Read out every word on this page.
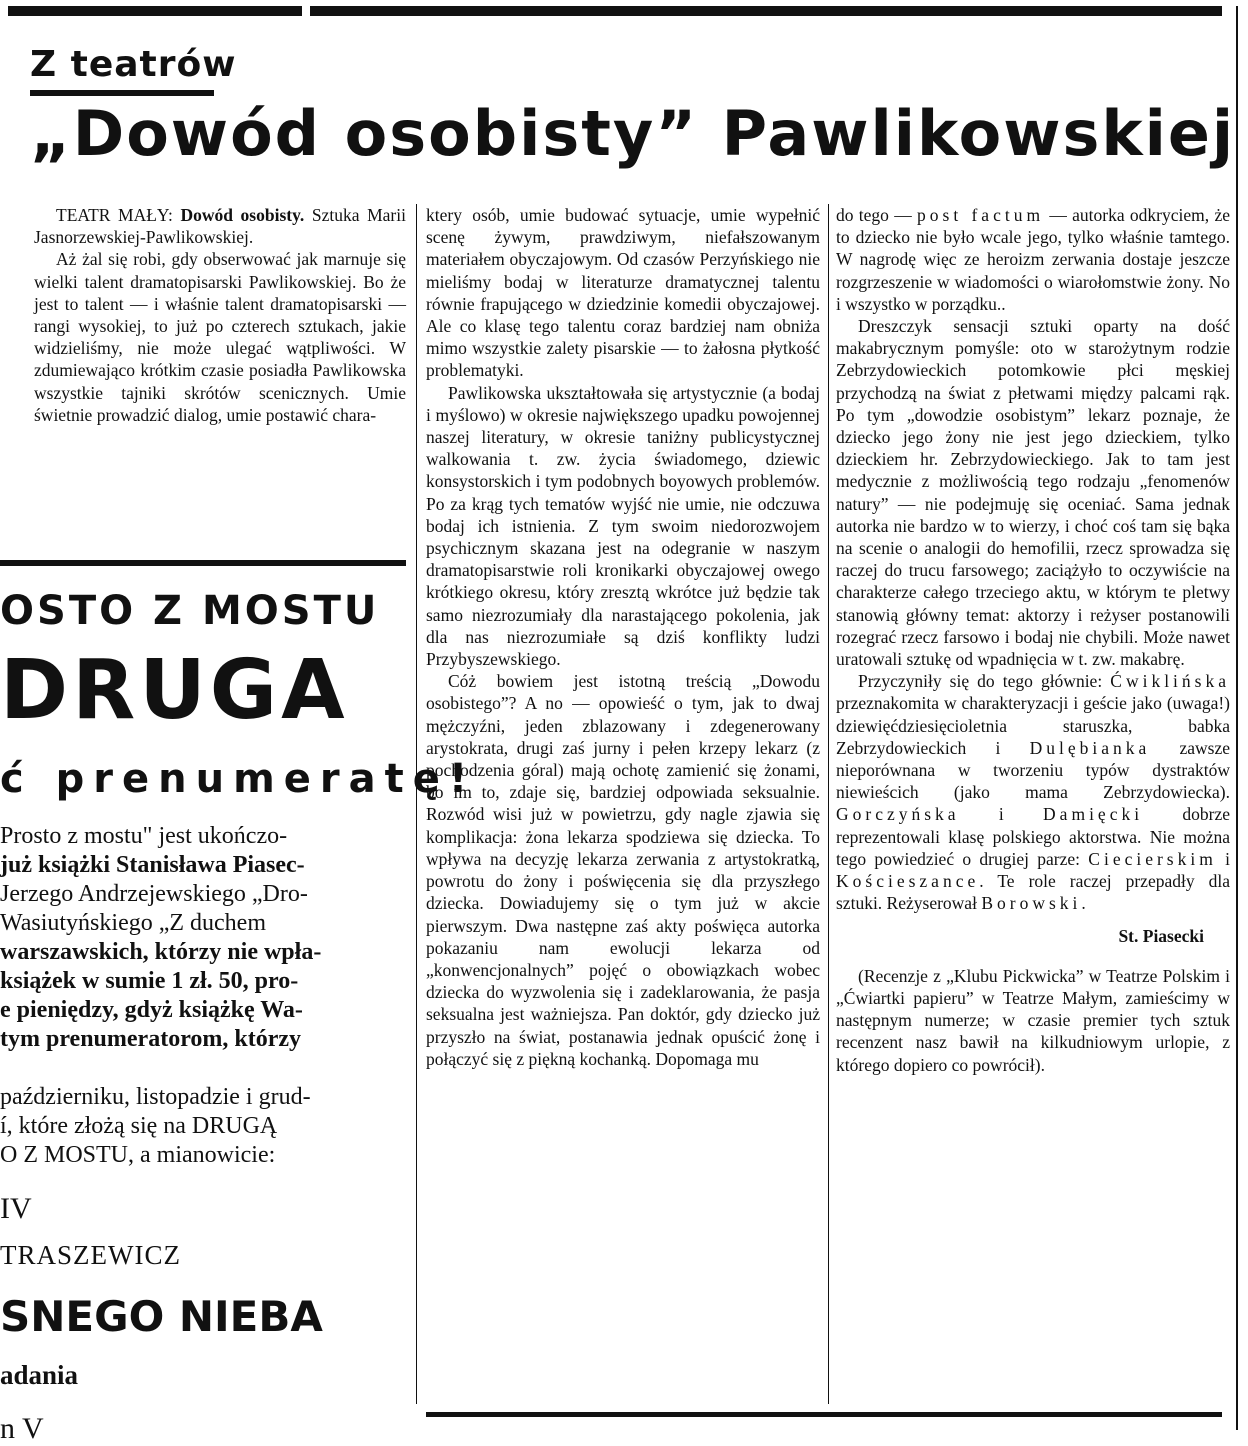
Z teatrów
„Dowód osobisty” Pawlikowskiej

TEATR MAŁY: Dowód osobisty. Sztuka Marii Jasnorzewskiej-Pawlikowskiej.

Aż żal się robi, gdy obserwować jak marnuje się wielki talent dramatopisarski Pawlikowskiej. Bo że jest to talent — i właśnie talent dramatopisarski — rangi wysokiej, to już po czterech sztukach, jakie widzieliśmy, nie może ulegać wątpliwości. W zdumiewająco krótkim czasie posiadła Pawlikowska wszystkie tajniki skrótów scenicznych. Umie świetnie prowadzić dialog, umie postawić chara-

ktery osób, umie budować sytuacje, umie wypełnić scenę żywym, prawdziwym, niefałszowanym materiałem obyczajowym. Od czasów Perzyńskiego nie mieliśmy bodaj w literaturze dramatycznej talentu równie frapującego w dziedzinie komedii obyczajowej. Ale co klasę tego talentu coraz bardziej nam obniża mimo wszystkie zalety pisarskie — to żałosna płytkość problematyki.

Pawlikowska ukształtowała się artystycznie (a bodaj i myślowo) w okresie największego upadku powojennej naszej literatury, w okresie taniżny publicystycznej walkowania t. zw. życia świadomego, dziewic konsystorskich i tym podobnych boyowych problemów. Po za krąg tych tematów wyjść nie umie, nie odczuwa bodaj ich istnienia. Z tym swoim niedorozwojem psychicznym skazana jest na odegranie w naszym dramatopisarstwie roli kronikarki obyczajowej owego krótkiego okresu, który zresztą wkrótce już będzie tak samo niezrozumiały dla narastającego pokolenia, jak dla nas niezrozumiałe są dziś konflikty ludzi Przybyszewskiego.

Cóż bowiem jest istotną treścią „Dowodu osobistego”? A no — opowieść o tym, jak to dwaj mężczyźni, jeden zblazowany i zdegenerowany arystokrata, drugi zaś jurny i pełen krzepy lekarz (z pochodzenia góral) mają ochotę zamienić się żonami, bo im to, zdaje się, bardziej odpowiada seksualnie. Rozwód wisi już w powietrzu, gdy nagle zjawia się komplikacja: żona lekarza spodziewa się dziecka. To wpływa na decyzję lekarza zerwania z artystokratką, powrotu do żony i poświęcenia się dla przyszłego dziecka. Dowiadujemy się o tym już w akcie pierwszym. Dwa następne zaś akty poświęca autorka pokazaniu nam ewolucji lekarza od „konwencjonalnych” pojęć o obowiązkach wobec dziecka do wyzwolenia się i zadeklarowania, że pasja seksualna jest ważniejsza. Pan doktór, gdy dziecko już przyszło na świat, postanawia jednak opuścić żonę i połączyć się z piękną kochanką. Dopomaga mu

do tego — post factum — autorka odkryciem, że to dziecko nie było wcale jego, tylko właśnie tamtego. W nagrodę więc ze heroizm zerwania dostaje jeszcze rozgrzeszenie w wiadomości o wiarołomstwie żony. No i wszystko w porządku..

Dreszczyk sensacji sztuki oparty na dość makabrycznym pomyśle: oto w starożytnym rodzie Zebrzydowieckich potomkowie płci męskiej przychodzą na świat z płetwami między palcami rąk. Po tym „dowodzie osobistym” lekarz poznaje, że dziecko jego żony nie jest jego dzieckiem, tylko dzieckiem hr. Zebrzydowieckiego. Jak to tam jest medycznie z możliwością tego rodzaju „fenomenów natury” — nie podejmuję się oceniać. Sama jednak autorka nie bardzo w to wierzy, i choć coś tam się bąka na scenie o analogii do hemofilii, rzecz sprowadza się raczej do trucu farsowego; zaciążyło to oczywiście na charakterze całego trzeciego aktu, w którym te pletwy stanowią główny temat: aktorzy i reżyser postanowili rozegrać rzecz farsowo i bodaj nie chybili. Może nawet uratowali sztukę od wpadnięcia w t. zw. makabrę.

Przyczyniły się do tego głównie: Ćwiklińska przeznakomita w charakteryzacji i geście jako (uwaga!) dziewięćdziesięcioletnia staruszka, babka Zebrzydowieckich i Dulębianka zawsze nieporównana w tworzeniu typów dystraktów niewieścich (jako mama Zebrzydowiecka). Gorczyńska i Damięcki dobrze reprezentowali klasę polskiego aktorstwa. Nie można tego powiedzieć o drugiej parze: Ciecierskim i Kościeszance. Te role raczej przepadły dla sztuki. Reżyserował Borowski.

St. Piasecki

(Recenzje z „Klubu Pickwicka” w Teatrze Polskim i „Ćwiartki papieru” w Teatrze Małym, zamieścimy w następnym numerze; w czasie premier tych sztuk recenzent nasz bawił na kilkudniowym urlopie, z którego dopiero co powrócił).

OSTO Z MOSTU
DRUGA
ć prenumeratę!
Prosto z mostu" jest ukończo-
już książki Stanisława Piasec-
Jerzego Andrzejewskiego „Dro-
Wasiutyńskiego „Z duchem
warszawskich, którzy nie wpła-
książek w sumie 1 zł. 50, pro-
e pieniędzy, gdyż książkę Wa-
tym prenumeratorom, którzy
październiku, listopadzie i grud-
í, które złożą się na DRUGĄ
O Z MOSTU, a mianowicie:
IV
TRASZEWICZ
SNEGO NIEBA
adania
n V
